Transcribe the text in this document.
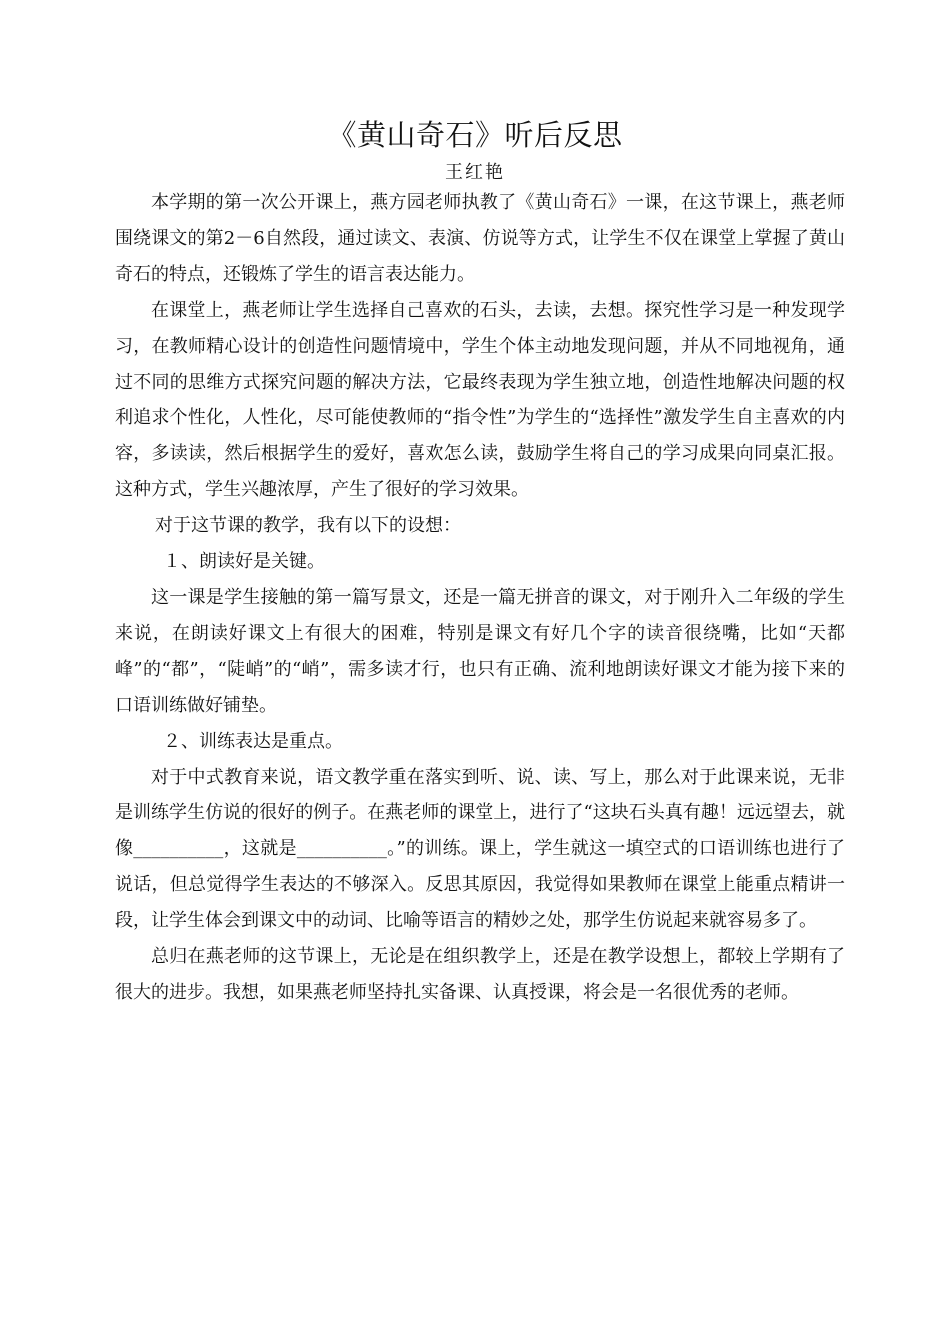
《黄山奇石》听后反思
王红艳

本学期的第一次公开课上，燕方园老师执教了《黄山奇石》一课，在这节课上，燕老师围绕课文的第2－6自然段，通过读文、表演、仿说等方式，让学生不仅在课堂上掌握了黄山奇石的特点，还锻炼了学生的语言表达能力。

在课堂上，燕老师让学生选择自己喜欢的石头，去读，去想。探究性学习是一种发现学习，在教师精心设计的创造性问题情境中，学生个体主动地发现问题，并从不同地视角，通过不同的思维方式探究问题的解决方法，它最终表现为学生独立地，创造性地解决问题的权利追求个性化，人性化，尽可能使教师的“指令性”为学生的“选择性”激发学生自主喜欢的内容，多读读，然后根据学生的爱好，喜欢怎么读，鼓励学生将自己的学习成果向同桌汇报。这种方式，学生兴趣浓厚，产生了很好的学习效果。

对于这节课的教学，我有以下的设想：

１、朗读好是关键。

这一课是学生接触的第一篇写景文，还是一篇无拼音的课文，对于刚升入二年级的学生来说，在朗读好课文上有很大的困难，特别是课文有好几个字的读音很绕嘴，比如“天都峰”的“都”，“陡峭”的“峭”，需多读才行，也只有正确、流利地朗读好课文才能为接下来的口语训练做好铺垫。

２、训练表达是重点。

对于中式教育来说，语文教学重在落实到听、说、读、写上，那么对于此课来说，无非是训练学生仿说的很好的例子。在燕老师的课堂上，进行了“这块石头真有趣！远远望去，就像__________，这就是__________。”的训练。课上，学生就这一填空式的口语训练也进行了说话，但总觉得学生表达的不够深入。反思其原因，我觉得如果教师在课堂上能重点精讲一段，让学生体会到课文中的动词、比喻等语言的精妙之处，那学生仿说起来就容易多了。

总归在燕老师的这节课上，无论是在组织教学上，还是在教学设想上，都较上学期有了很大的进步。我想，如果燕老师坚持扎实备课、认真授课，将会是一名很优秀的老师。
